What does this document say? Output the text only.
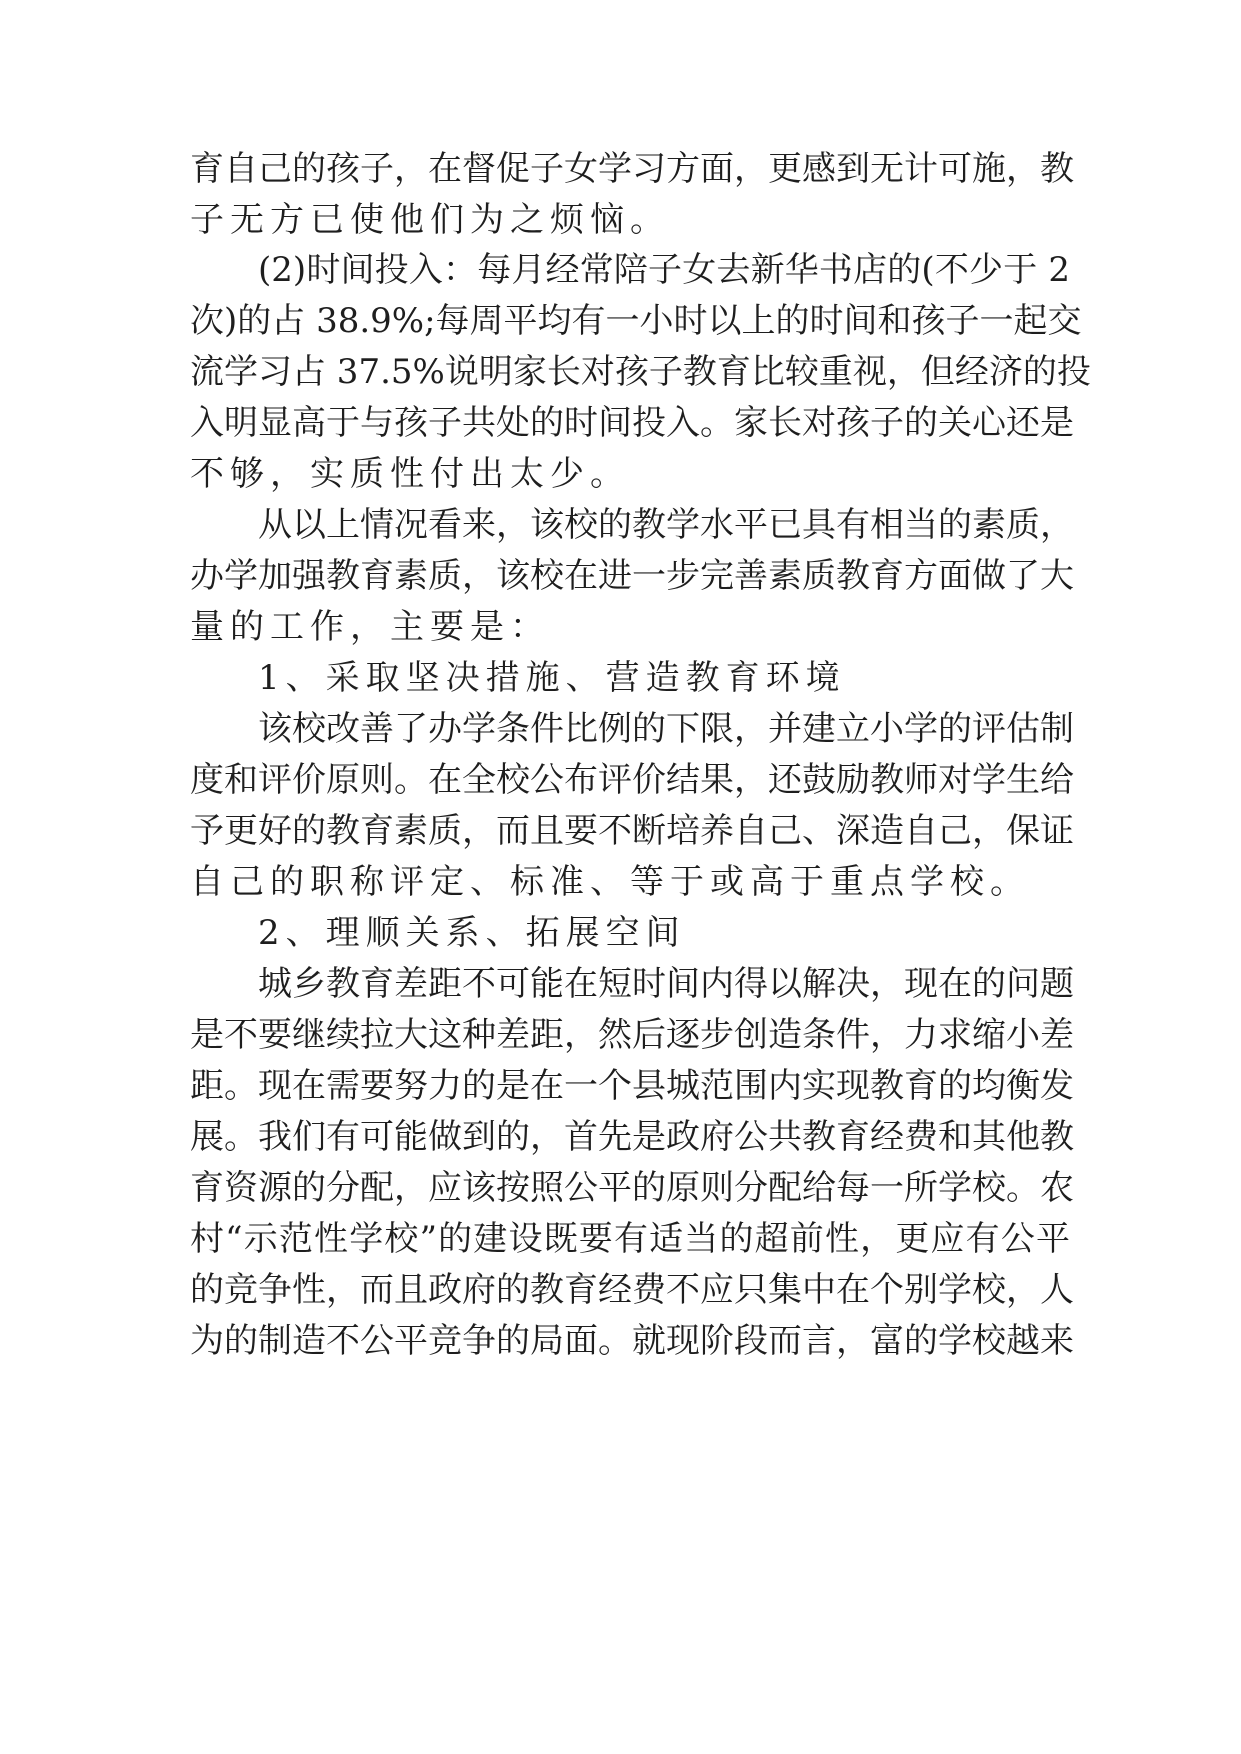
育自己的孩子，在督促子女学习方面，更感到无计可施，教
子无方已使他们为之烦恼。
(2)时间投入：每月经常陪子女去新华书店的(不少于 2
次)的占 38.9%;每周平均有一小时以上的时间和孩子一起交
流学习占 37.5%说明家长对孩子教育比较重视，但经济的投
入明显高于与孩子共处的时间投入。家长对孩子的关心还是
不够，实质性付出太少。
从以上情况看来，该校的教学水平已具有相当的素质，
办学加强教育素质，该校在进一步完善素质教育方面做了大
量的工作，主要是：
1、采取坚决措施、营造教育环境
该校改善了办学条件比例的下限，并建立小学的评估制
度和评价原则。在全校公布评价结果，还鼓励教师对学生给
予更好的教育素质，而且要不断培养自己、深造自己，保证
自己的职称评定、标准、等于或高于重点学校。
2、理顺关系、拓展空间
城乡教育差距不可能在短时间内得以解决，现在的问题
是不要继续拉大这种差距，然后逐步创造条件，力求缩小差
距。现在需要努力的是在一个县城范围内实现教育的均衡发
展。我们有可能做到的，首先是政府公共教育经费和其他教
育资源的分配，应该按照公平的原则分配给每一所学校。农
村“示范性学校”的建设既要有适当的超前性，更应有公平
的竞争性，而且政府的教育经费不应只集中在个别学校，人
为的制造不公平竞争的局面。就现阶段而言，富的学校越来
